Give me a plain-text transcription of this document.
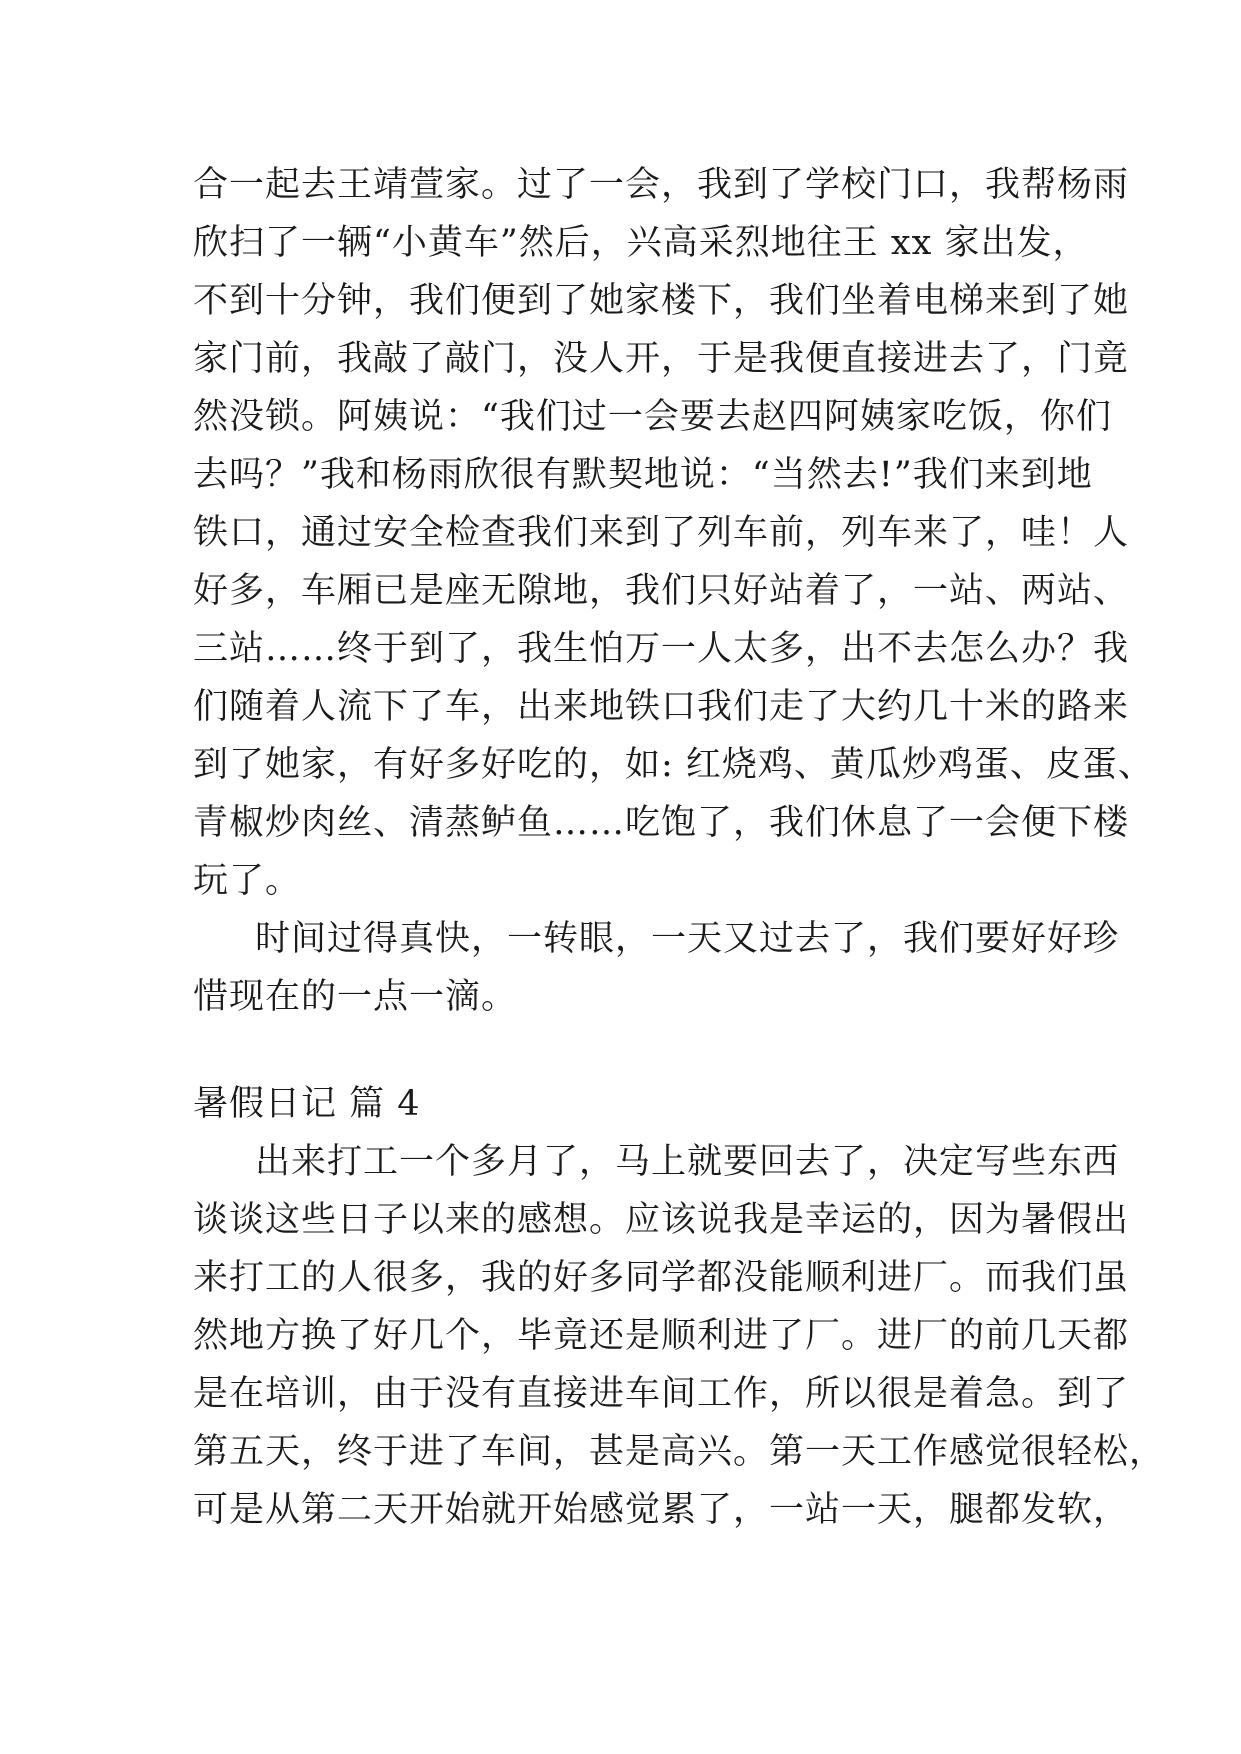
合一起去王靖萱家。过了一会，我到了学校门口，我帮杨雨
欣扫了一辆“小黄车”然后，兴高采烈地往王 xx 家出发，
不到十分钟，我们便到了她家楼下，我们坐着电梯来到了她
家门前，我敲了敲门，没人开，于是我便直接进去了，门竟
然没锁。阿姨说：“我们过一会要去赵四阿姨家吃饭，你们
去吗？”我和杨雨欣很有默契地说：“当然去!”我们来到地
铁口，通过安全检查我们来到了列车前，列车来了，哇！人
好多，车厢已是座无隙地，我们只好站着了，一站、两站、
三站……终于到了，我生怕万一人太多，出不去怎么办？我
们随着人流下了车，出来地铁口我们走了大约几十米的路来
到了她家，有好多好吃的，如: 红烧鸡、黄瓜炒鸡蛋、皮蛋、
青椒炒肉丝、清蒸鲈鱼……吃饱了，我们休息了一会便下楼
玩了。
时间过得真快，一转眼，一天又过去了，我们要好好珍
惜现在的一点一滴。
暑假日记 篇 4
出来打工一个多月了，马上就要回去了，决定写些东西
谈谈这些日子以来的感想。应该说我是幸运的，因为暑假出
来打工的人很多，我的好多同学都没能顺利进厂。而我们虽
然地方换了好几个，毕竟还是顺利进了厂。进厂的前几天都
是在培训，由于没有直接进车间工作，所以很是着急。到了
第五天，终于进了车间，甚是高兴。第一天工作感觉很轻松，
可是从第二天开始就开始感觉累了，一站一天，腿都发软，
